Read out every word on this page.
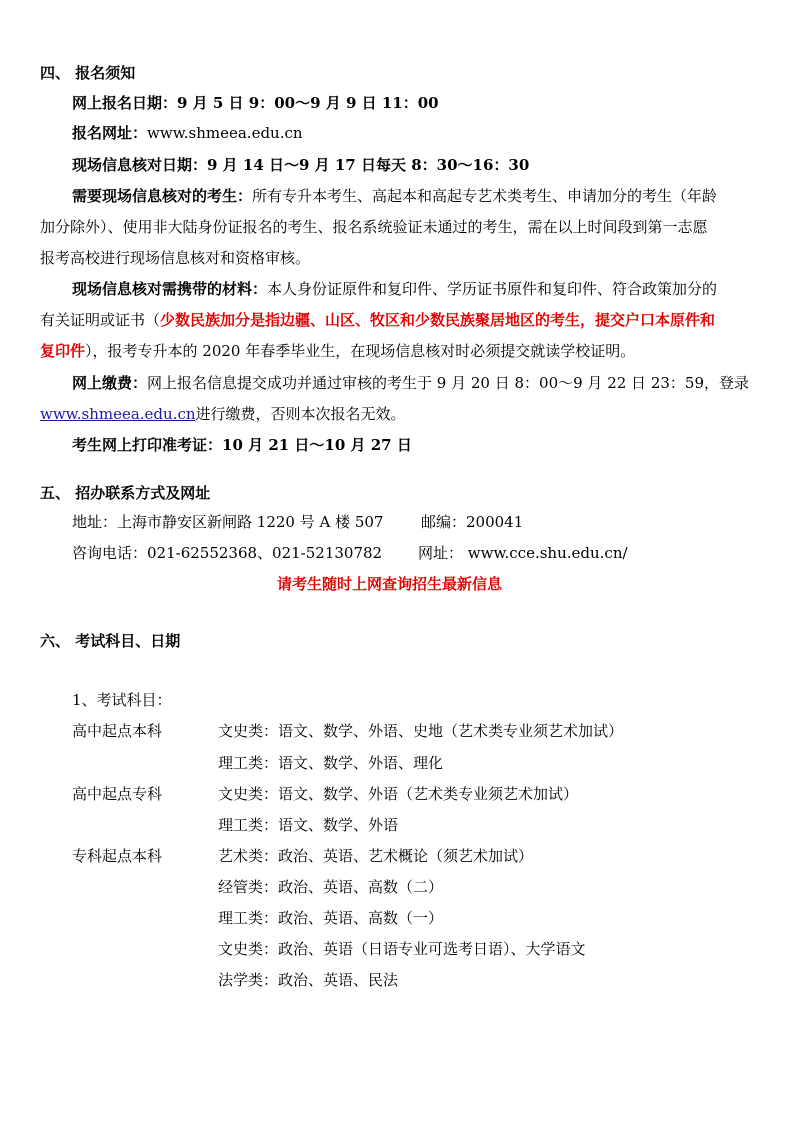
四、 报名须知
网上报名日期：9 月 5 日 9：00～9 月 9 日 11：00
报名网址：www.shmeea.edu.cn
现场信息核对日期：9 月 14 日～9 月 17 日每天 8：30～16：30
需要现场信息核对的考生：所有专升本考生、高起本和高起专艺术类考生、申请加分的考生（年龄
加分除外）、使用非大陆身份证报名的考生、报名系统验证未通过的考生，需在以上时间段到第一志愿
报考高校进行现场信息核对和资格审核。
现场信息核对需携带的材料：本人身份证原件和复印件、学历证书原件和复印件、符合政策加分的
有关证明或证书（少数民族加分是指边疆、山区、牧区和少数民族聚居地区的考生，提交户口本原件和
复印件），报考专升本的 2020 年春季毕业生，在现场信息核对时必须提交就读学校证明。
网上缴费：网上报名信息提交成功并通过审核的考生于 9 月 20 日 8：00～9 月 22 日 23：59，登录
www.shmeea.edu.cn进行缴费，否则本次报名无效。
考生网上打印准考证：10 月 21 日～10 月 27 日
五、 招办联系方式及网址
地址：上海市静安区新闸路 1220 号 A 楼 507	邮编：200041
咨询电话：021-62552368、021-52130782 网址： www.cce.shu.edu.cn/
请考生随时上网查询招生最新信息
六、 考试科目、日期
1、考试科目：
高中起点本科	文史类：语文、数学、外语、史地（艺术类专业须艺术加试）
理工类：语文、数学、外语、理化
高中起点专科	文史类：语文、数学、外语（艺术类专业须艺术加试）
理工类：语文、数学、外语
专科起点本科	艺术类：政治、英语、艺术概论（须艺术加试）
经管类：政治、英语、高数（二）
理工类：政治、英语、高数（一）
文史类：政治、英语（日语专业可选考日语）、大学语文
法学类：政治、英语、民法
